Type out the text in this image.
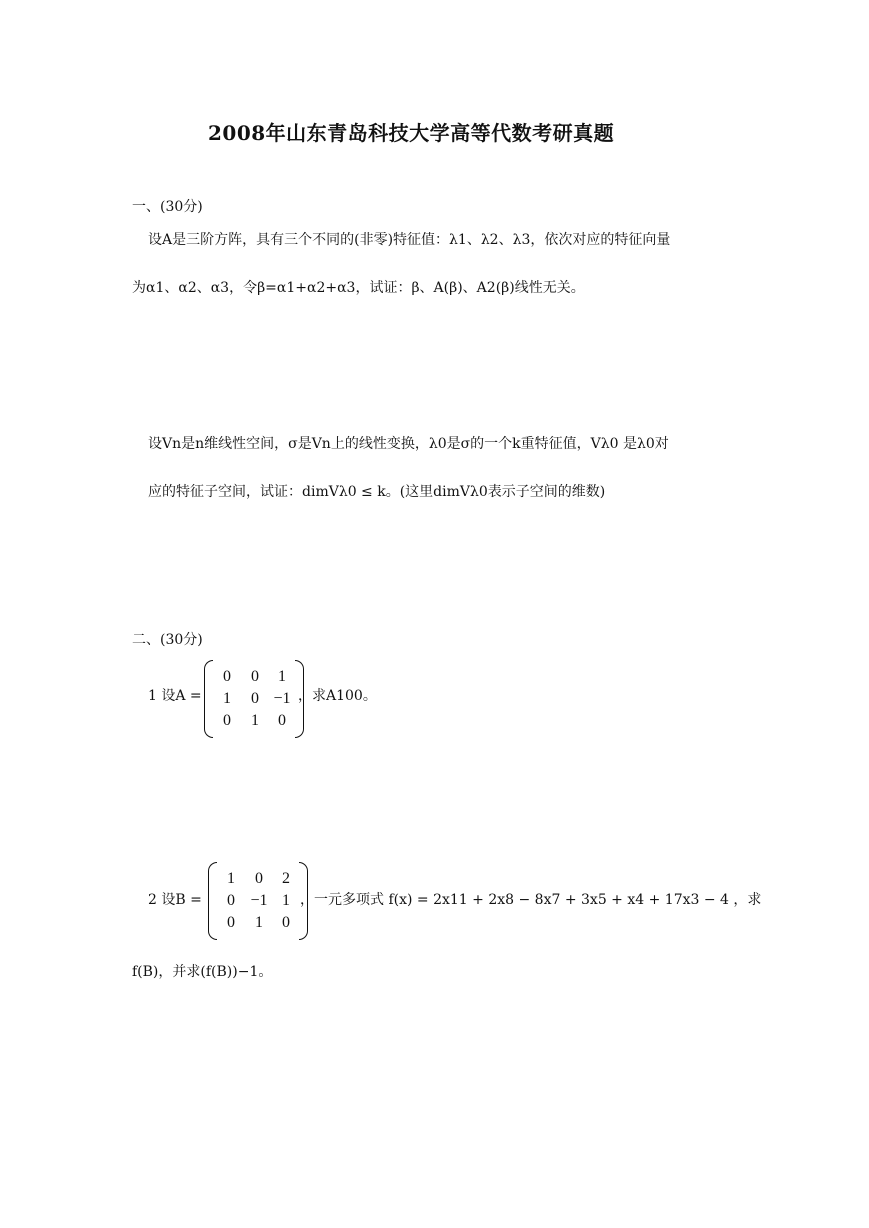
2008年山东青岛科技大学高等代数考研真题
一、(30分)
设A是三阶方阵，具有三个不同的(非零)特征值：λ1、λ2、λ3，依次对应的特征向量
为α1、α2、α3，令β=α1+α2+α3，试证：β、A(β)、A2(β)线性无关。
设Vn是n维线性空间，σ是Vn上的线性变换，λ0是σ的一个k重特征值，Vλ0 是λ0对
应的特征子空间，试证：dimVλ0 ≤ k。(这里dimVλ0表示子空间的维数)
二、(30分)
1 设A =
0	0	1
1	0 −1
0	1	0
，求A100。
2 设B =
1	0	2
0 −1 1
0	1	0
，一元多项式 f(x) = 2x11 + 2x8 − 8x7 + 3x5 + x4 + 17x3 − 4 ，求
f(B)，并求(f(B))−1。
